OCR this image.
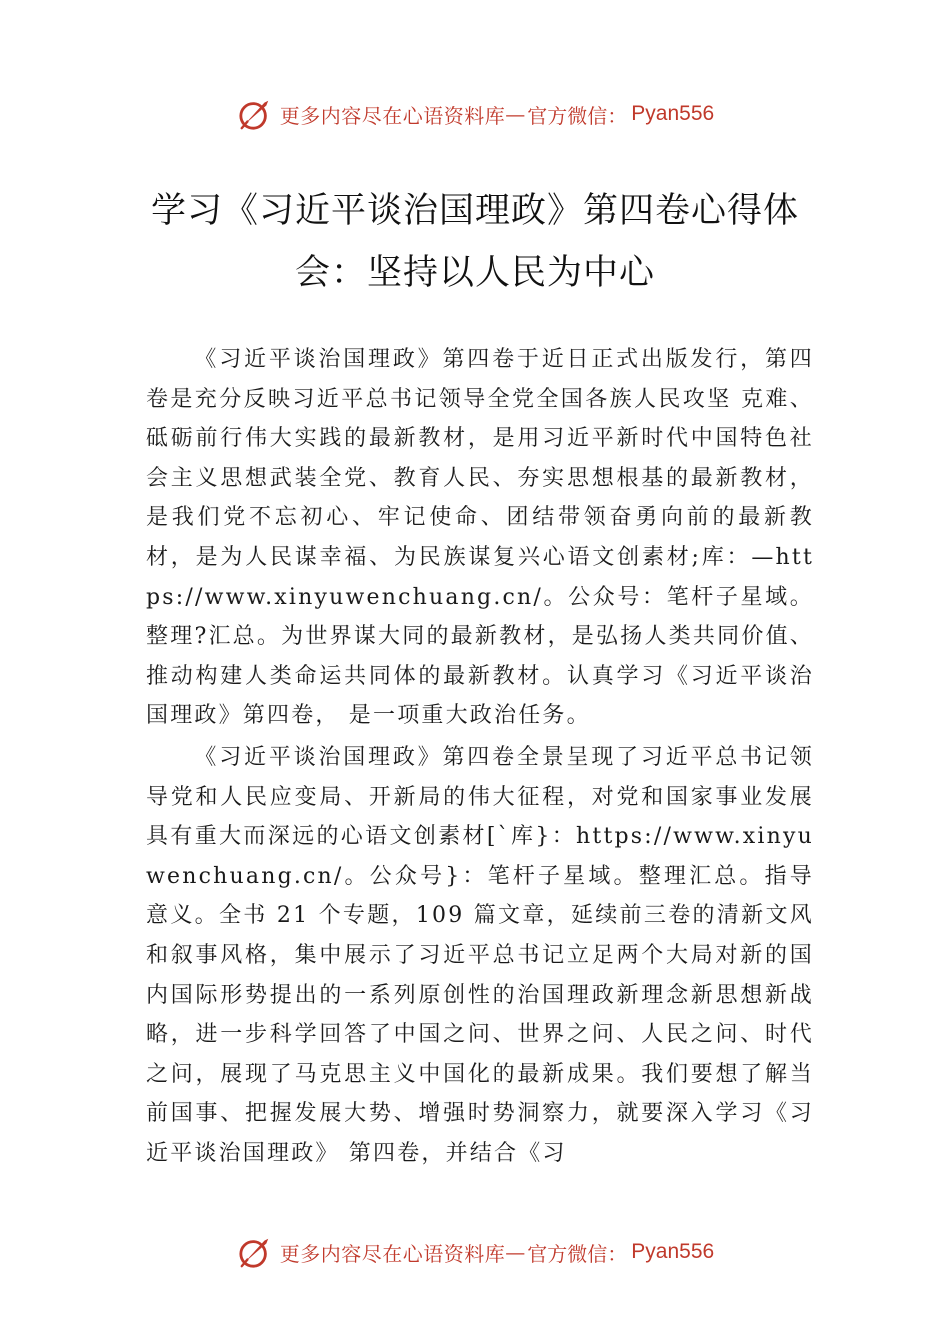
更多内容尽在心语资料库 — 官方微信： Pyan556
学习《习近平谈治国理政》第四卷心得体
会：坚持以人民为中心

《习近平谈治国理政》第四卷于近日正式出版发行，第四卷是充分反映习近平总书记领导全党全国各族人民攻坚 克难、砥砺前行伟大实践的最新教材，是用习近平新时代中国特色社会主义思想武装全党、教育人民、夯实思想根基的最新教材，是我们党不忘初心、牢记使命、团结带领奋勇向前的最新教材，是为人民谋幸福、为民族谋复兴心语文创素材;库：—https://www.xinyuwenchuang.cn/。公众号：笔杆子星域。整理?汇总。为世界谋大同的最新教材，是弘扬人类共同价值、推动构建人类命运共同体的最新教材。认真学习《习近平谈治国理政》第四卷， 是一项重大政治任务。

《习近平谈治国理政》第四卷全景呈现了习近平总书记领导党和人民应变局、开新局的伟大征程，对党和国家事业发展具有重大而深远的心语文创素材[`库}：https://www.xinyuwenchuang.cn/。公众号}：笔杆子星域。整理汇总。指导意义。全书 21 个专题，109 篇文章，延续前三卷的清新文风和叙事风格，集中展示了习近平总书记立足两个大局对新的国内国际形势提出的一系列原创性的治国理政新理念新思想新战略，进一步科学回答了中国之问、世界之问、人民之问、时代之问，展现了马克思主义中国化的最新成果。我们要想了解当前国事、把握发展大势、增强时势洞察力，就要深入学习《习近平谈治国理政》 第四卷，并结合《习

更多内容尽在心语资料库 — 官方微信： Pyan556
